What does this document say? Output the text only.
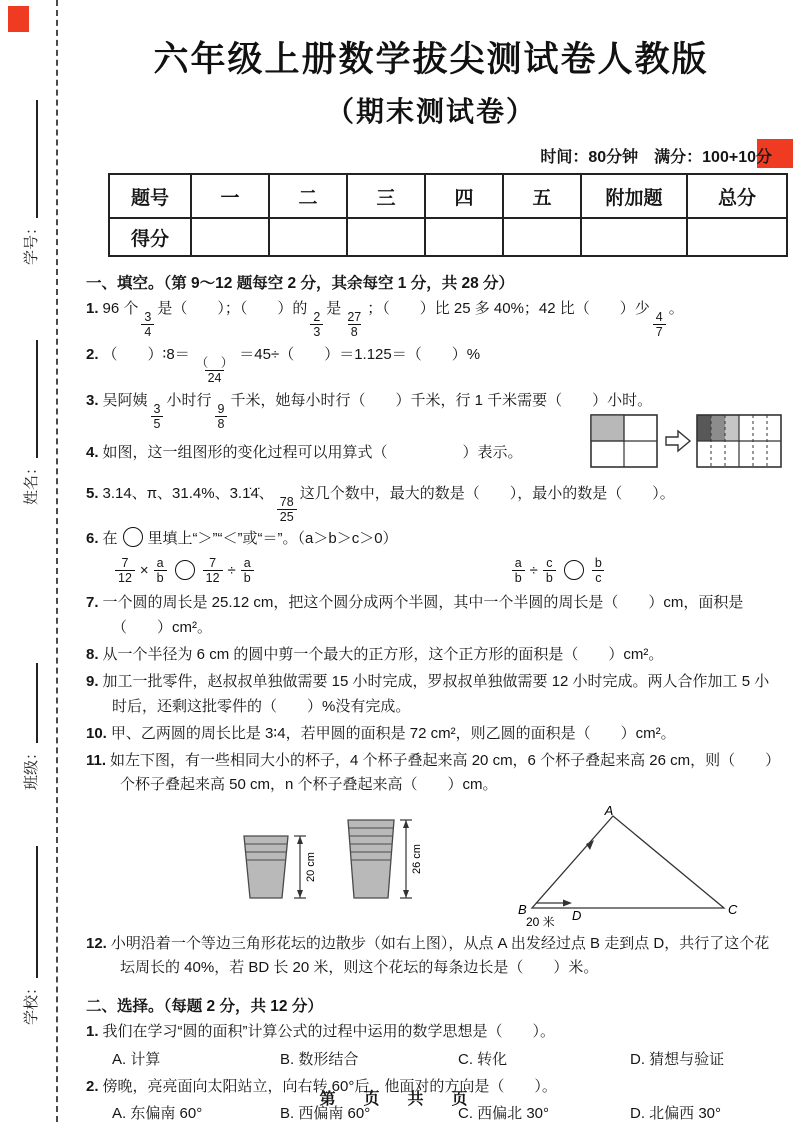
学号：
姓名：
班级：
学校：
六年级上册数学拔尖测试卷人教版
（期末测试卷）
时间：80分钟　满分：100+10分
题号	一	二	三	四	五	附加题	总分
得分							
一、填空。（第 9～12 题每空 2 分，其余每空 1 分，共 28 分）
1. 96 个
$\frac{3}{4}$
是（　　）；（　　）的
$\frac{2}{3}$
是
$\frac{27}{8}$
；（　　）比 25 多 40%；42 比（　　）少
$\frac{4}{7}$
。
2. （　　）∶8＝
$\frac{( )}{24}$
＝45÷（　　）＝1.125＝（　　）%
3. 吴阿姨
$\frac{3}{5}$
小时行
$\frac{9}{8}$
千米，她每小时行（　　）千米，行 1 千米需要（　　）小时。
4. 如图，这一组图形的变化过程可以用算式（　　　　　）表示。
5. 3.14、π、31.4%、3.1̇4̇、
$\frac{78}{25}$
这几个数中，最大的数是（　　），最小的数是（　　）。
6. 在 里填上“＞”“＜”或“＝”。（a＞b＞c＞0）
$\frac{7}{12} \times \frac{a}{b}$	$\frac{7}{12} \div \frac{a}{b}$	$\frac{a}{b} \div \frac{c}{b}$	$\frac{b}{c}$
7. 一个圆的周长是 25.12 cm，把这个圆分成两个半圆，其中一个半圆的周长是（　　）cm，面积是（　　）cm²。
8. 从一个半径为 6 cm 的圆中剪一个最大的正方形，这个正方形的面积是（　　）cm²。
9. 加工一批零件，赵叔叔单独做需要 15 小时完成，罗叔叔单独做需要 12 小时完成。两人合作加工 5 小时后，还剩这批零件的（　　）%没有完成。
10. 甲、乙两圆的周长比是 3∶4，若甲圆的面积是 72 cm²，则乙圆的面积是（　　）cm²。
11. 如左下图，有一些相同大小的杯子，4 个杯子叠起来高 20 cm，6 个杯子叠起来高 26 cm，则（　　）个杯子叠起来高 50 cm，n 个杯子叠起来高（　　）cm。
20 cm	26 cm
A
B	C
D
20 米
12. 小明沿着一个等边三角形花坛的边散步（如右上图），从点 A 出发经过点 B 走到点 D，共行了这个花坛周长的 40%，若 BD 长 20 米，则这个花坛的每条边长是（　　）米。
二、选择。（每题 2 分，共 12 分）
1. 我们在学习“圆的面积”计算公式的过程中运用的数学思想是（　　）。
A. 计算	B. 数形结合	C. 转化	D. 猜想与验证
2. 傍晚，亮亮面向太阳站立，向右转 60°后，他面对的方向是（　　）。
A. 东偏南 60°	B. 西偏南 60°	C. 西偏北 30°	D. 北偏西 30°
第　页　共　页
